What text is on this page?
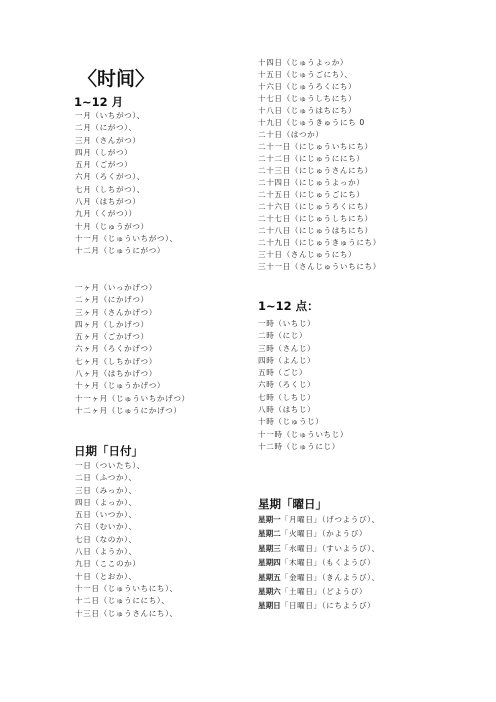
〈时间〉
1~12 月
一月（いちがつ）、
二月（にがつ）、
三月（さんがつ）
四月（しがつ）
五月（ごがつ）
六月（ろくがつ）、
七月（しちがつ）、
八月（はちがつ）
九月（くがつ））
十月（じゅうがつ）
十一月（じゅういちがつ）、
十二月（じゅうにがつ）
一ヶ月（いっかげつ）
二ヶ月（にかげつ）
三ヶ月（さんかげつ）
四ヶ月（しかげつ）
五ヶ月（ごかげつ）
六ヶ月（ろくかげつ）
七ヶ月（しちかげつ）
八ヶ月（はちかげつ）
十ヶ月（じゅうかげつ）
十一ヶ月（じゅういちかげつ）
十二ヶ月（じゅうにかげつ）
日期「日付」
一日（ついたち）、
二日（ふつか）、
三日（みっか）、
四日（よっか）、
五日（いつか）、
六日（むいか）、
七日（なのか）、
八日（ようか）、
九日（ここのか）
十日（とおか）、
十一日（じゅういちにち）、
十二日（じゅうににち）、
十三日（じゅうさんにち）、
十四日（じゅうよっか）
十五日（じゅうごにち）、
十六日（じゅうろくにち）
十七日（じゅうしちにち）
十八日（じゅうはちにち）
十九日（じゅうきゅうにち 0
二十日（はつか）
二十一日（にじゅういちにち）
二十二日（にじゅうににち）
二十三日（にじゅうさんにち）
二十四日（にじゅうよっか）
二十五日（にじゅうごにち）
二十六日（にじゅうろくにち）
二十七日（にじゅうしちにち）
二十八日（にじゅうはちにち）
二十九日（にじゅうきゅうにち）
三十日（さんじゅうにち）
三十一日（さんじゅういちにち）
1~12 点：
一時（いちじ）
二時（にじ）
三時（さんじ）
四時（よんじ）
五時（ごじ）
六時（ろくじ）
七時（しちじ）
八時（はちじ）
十時（じゅうじ）
十一時（じゅういちじ）
十二時（じゅうにじ）
星期「曜日」
星期一「月曜日」（げつようび）、
星期二「火曜日」（かようび）
星期三「水曜日」（すいようび）、
星期四「木曜日」（もくようび）
星期五「金曜日」（きんようび）、
星期六「土曜日」（どようび）
星期日「日曜日」（にちようび）
